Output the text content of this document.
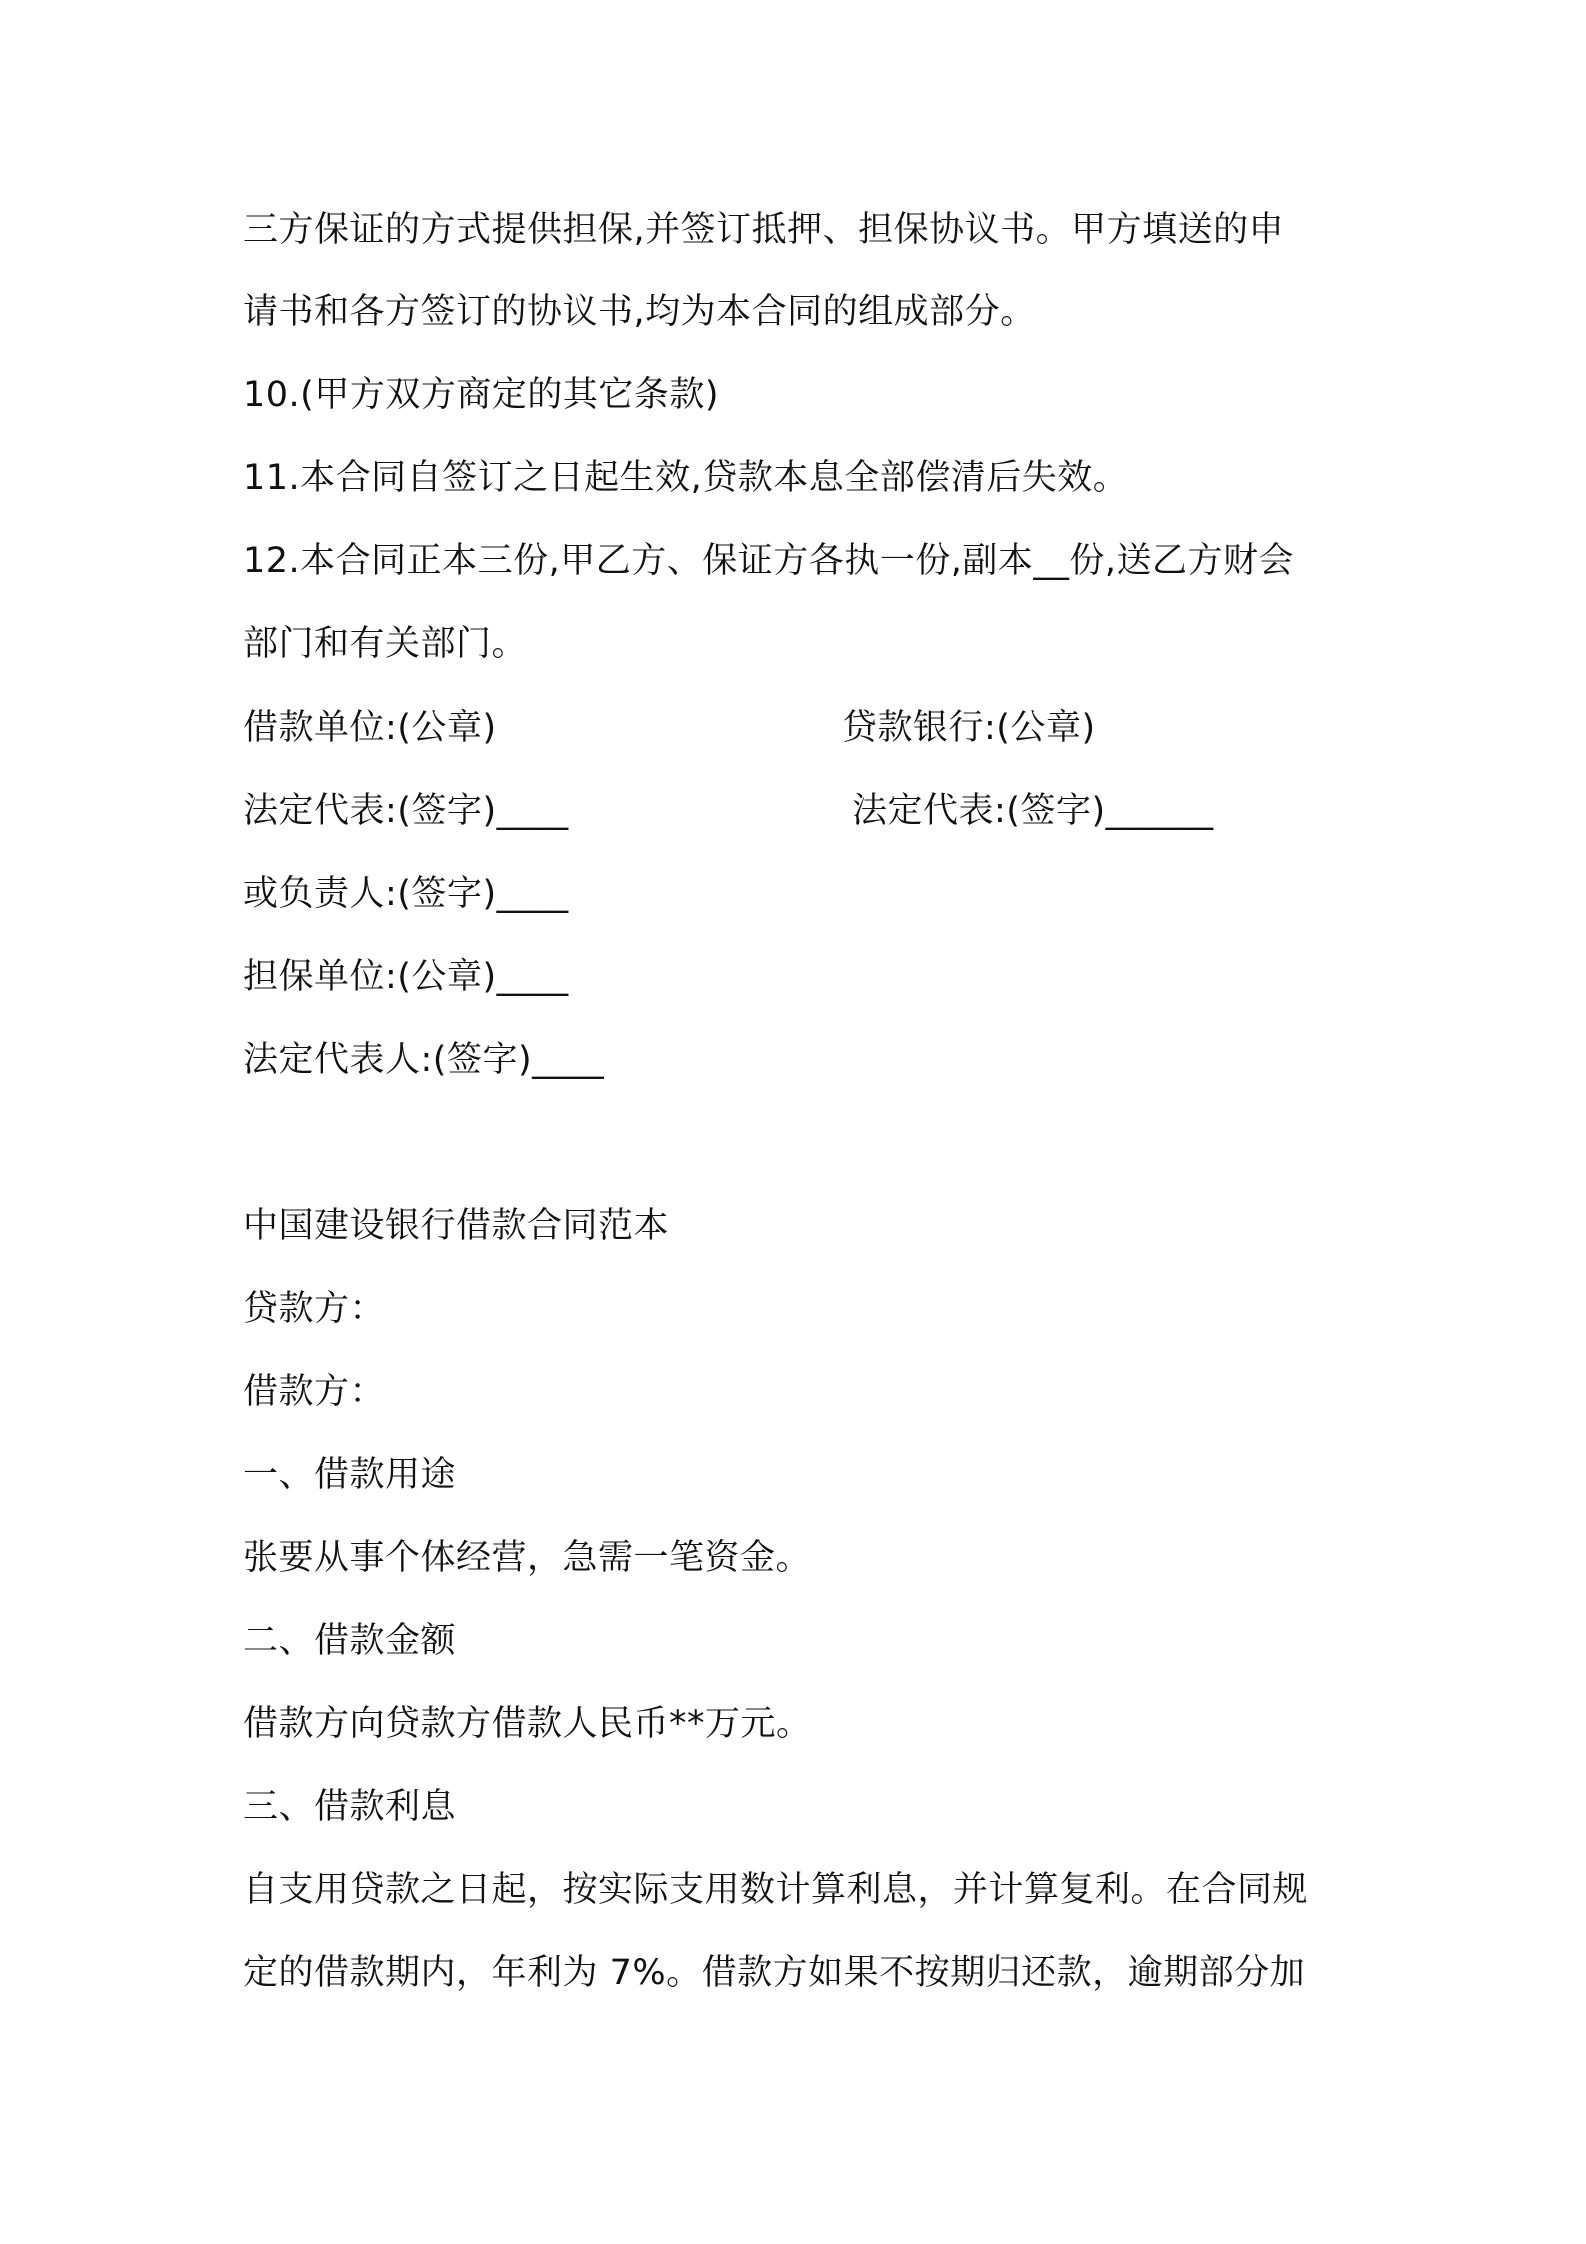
三方保证的方式提供担保,并签订抵押、担保协议书。甲方填送的申
请书和各方签订的协议书,均为本合同的组成部分。
10.(甲方双方商定的其它条款)
11.本合同自签订之日起生效,贷款本息全部偿清后失效。
12.本合同正本三份,甲乙方、保证方各执一份,副本__份,送乙方财会
部门和有关部门。
借款单位:(公章)	贷款银行:(公章)
法定代表:(签字)____	法定代表:(签字)______
或负责人:(签字)____
担保单位:(公章)____
法定代表人:(签字)____
中国建设银行借款合同范本
贷款方：
借款方：
一、借款用途
张要从事个体经营，急需一笔资金。
二、借款金额
借款方向贷款方借款人民币**万元。
三、借款利息
自支用贷款之日起，按实际支用数计算利息，并计算复利。在合同规
定的借款期内，年利为 7%。借款方如果不按期归还款，逾期部分加
